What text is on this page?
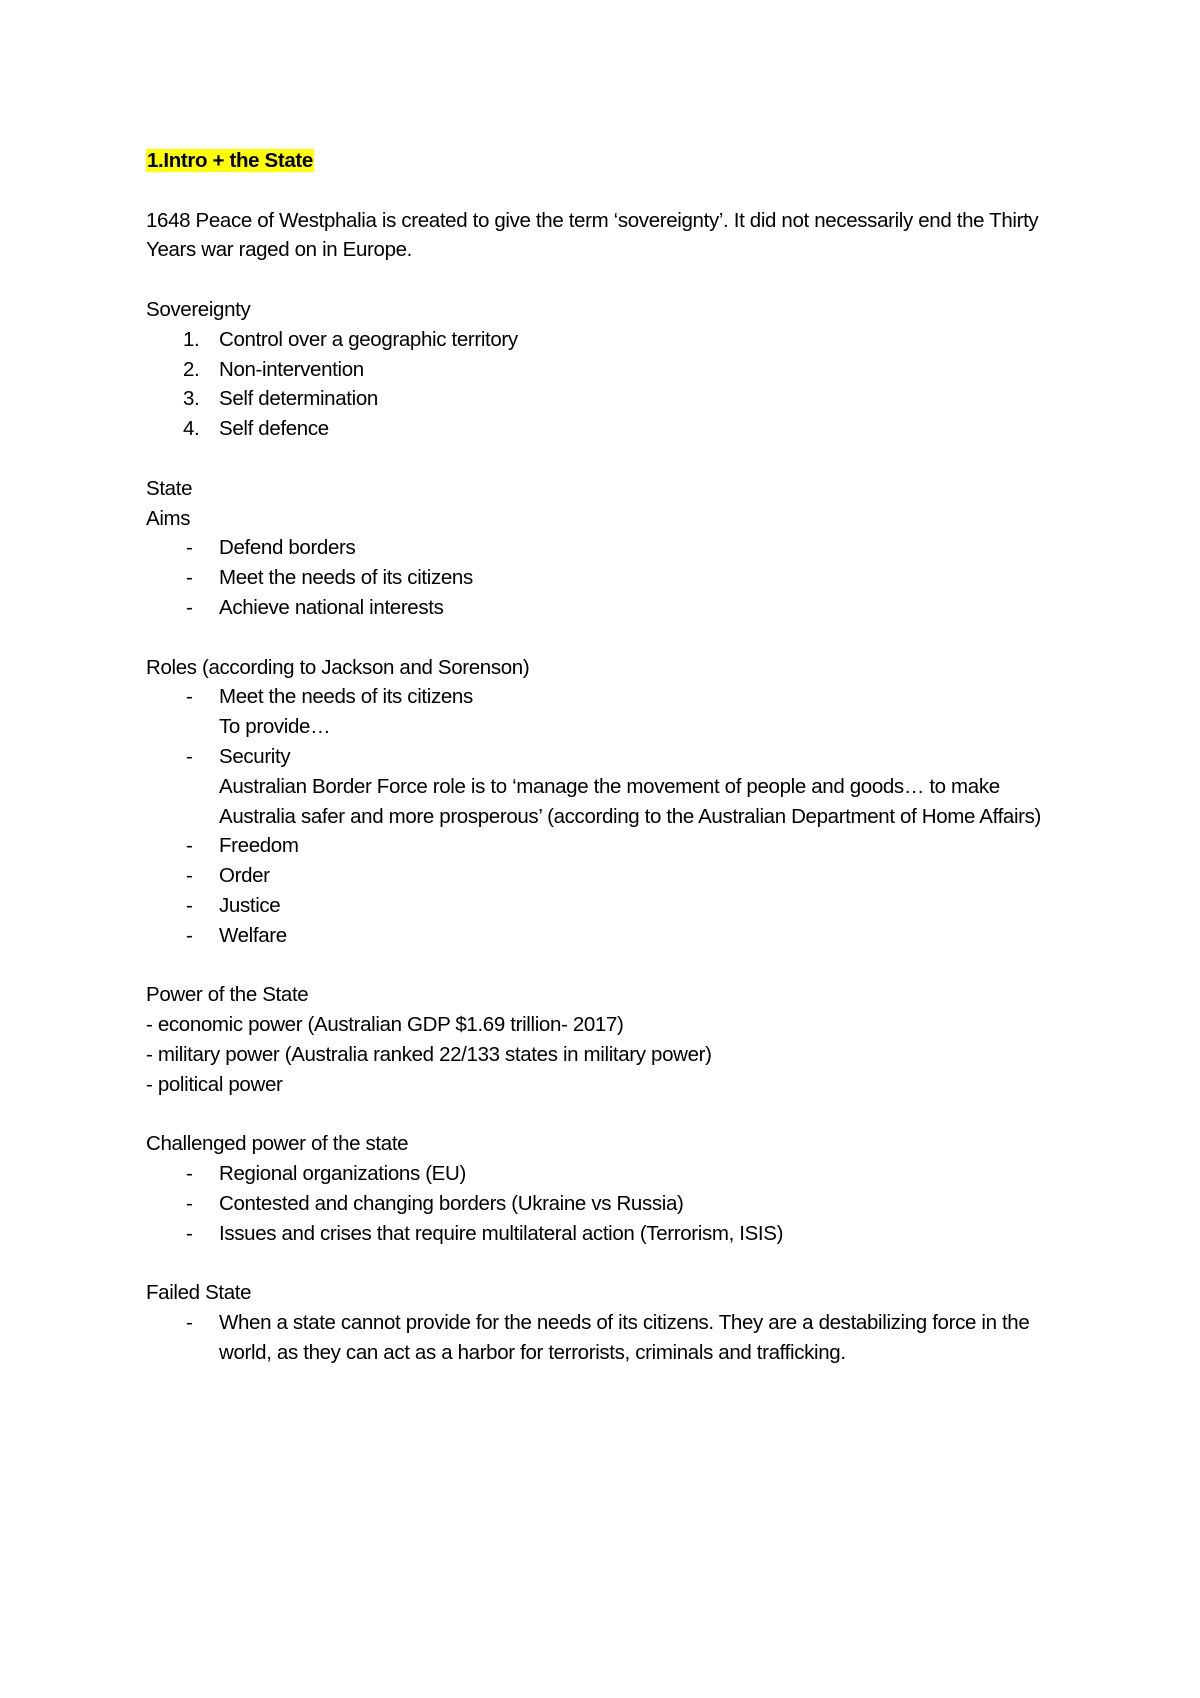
1.Intro + the State

1648 Peace of Westphalia is created to give the term ‘sovereignty’. It did not necessarily end the Thirty Years war raged on in Europe.

Sovereignty

1. Control over a geographic territory
2. Non-intervention
3. Self determination
4. Self defence

State

Aims

- Defend borders
- Meet the needs of its citizens
- Achieve national interests

Roles (according to Jackson and Sorenson)

- Meet the needs of its citizens

To provide…

- Security

Australian Border Force role is to ‘manage the movement of people and goods… to make Australia safer and more prosperous’ (according to the Australian Department of Home Affairs)

- Freedom
- Order
- Justice
- Welfare

Power of the State

- economic power (Australian GDP $1.69 trillion- 2017)

- military power (Australia ranked 22/133 states in military power)

- political power

Challenged power of the state

- Regional organizations (EU)
- Contested and changing borders (Ukraine vs Russia)
- Issues and crises that require multilateral action (Terrorism, ISIS)

Failed State

- When a state cannot provide for the needs of its citizens. They are a destabilizing force in the world, as they can act as a harbor for terrorists, criminals and trafficking.
